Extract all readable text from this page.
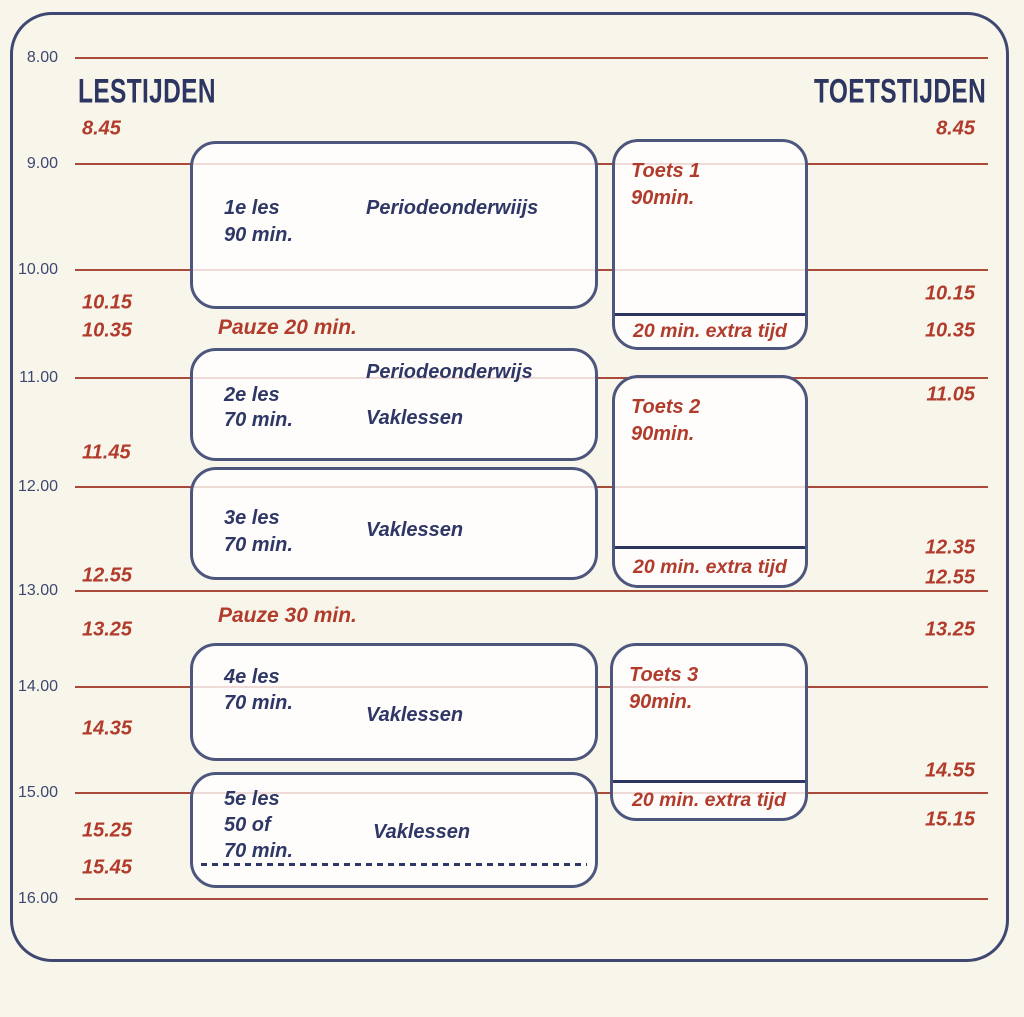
8.00
9.00
10.00
11.00
12.00
13.00
14.00
15.00
16.00
LESTIJDEN	TOETSTIJDEN
8.45
10.15
10.35
11.45
12.55
13.25
14.35
15.25
15.45
8.45
10.15
10.35
11.05
12.35
12.55
13.25
14.55
15.15
Pauze 20 min.
Pauze 30 min.
1e les
90 min.
Periodeonderwiijs
Periodeonderwijs
2e les
70 min.	Vaklessen
3e les
70 min.
Vaklessen
4e les
70 min.
Vaklessen
5e les
50 of
70 min.
Vaklessen
Toets 1
90min.
20 min. extra tijd
Toets 2
90min.
20 min. extra tijd
Toets 3
90min.
20 min. extra tijd
